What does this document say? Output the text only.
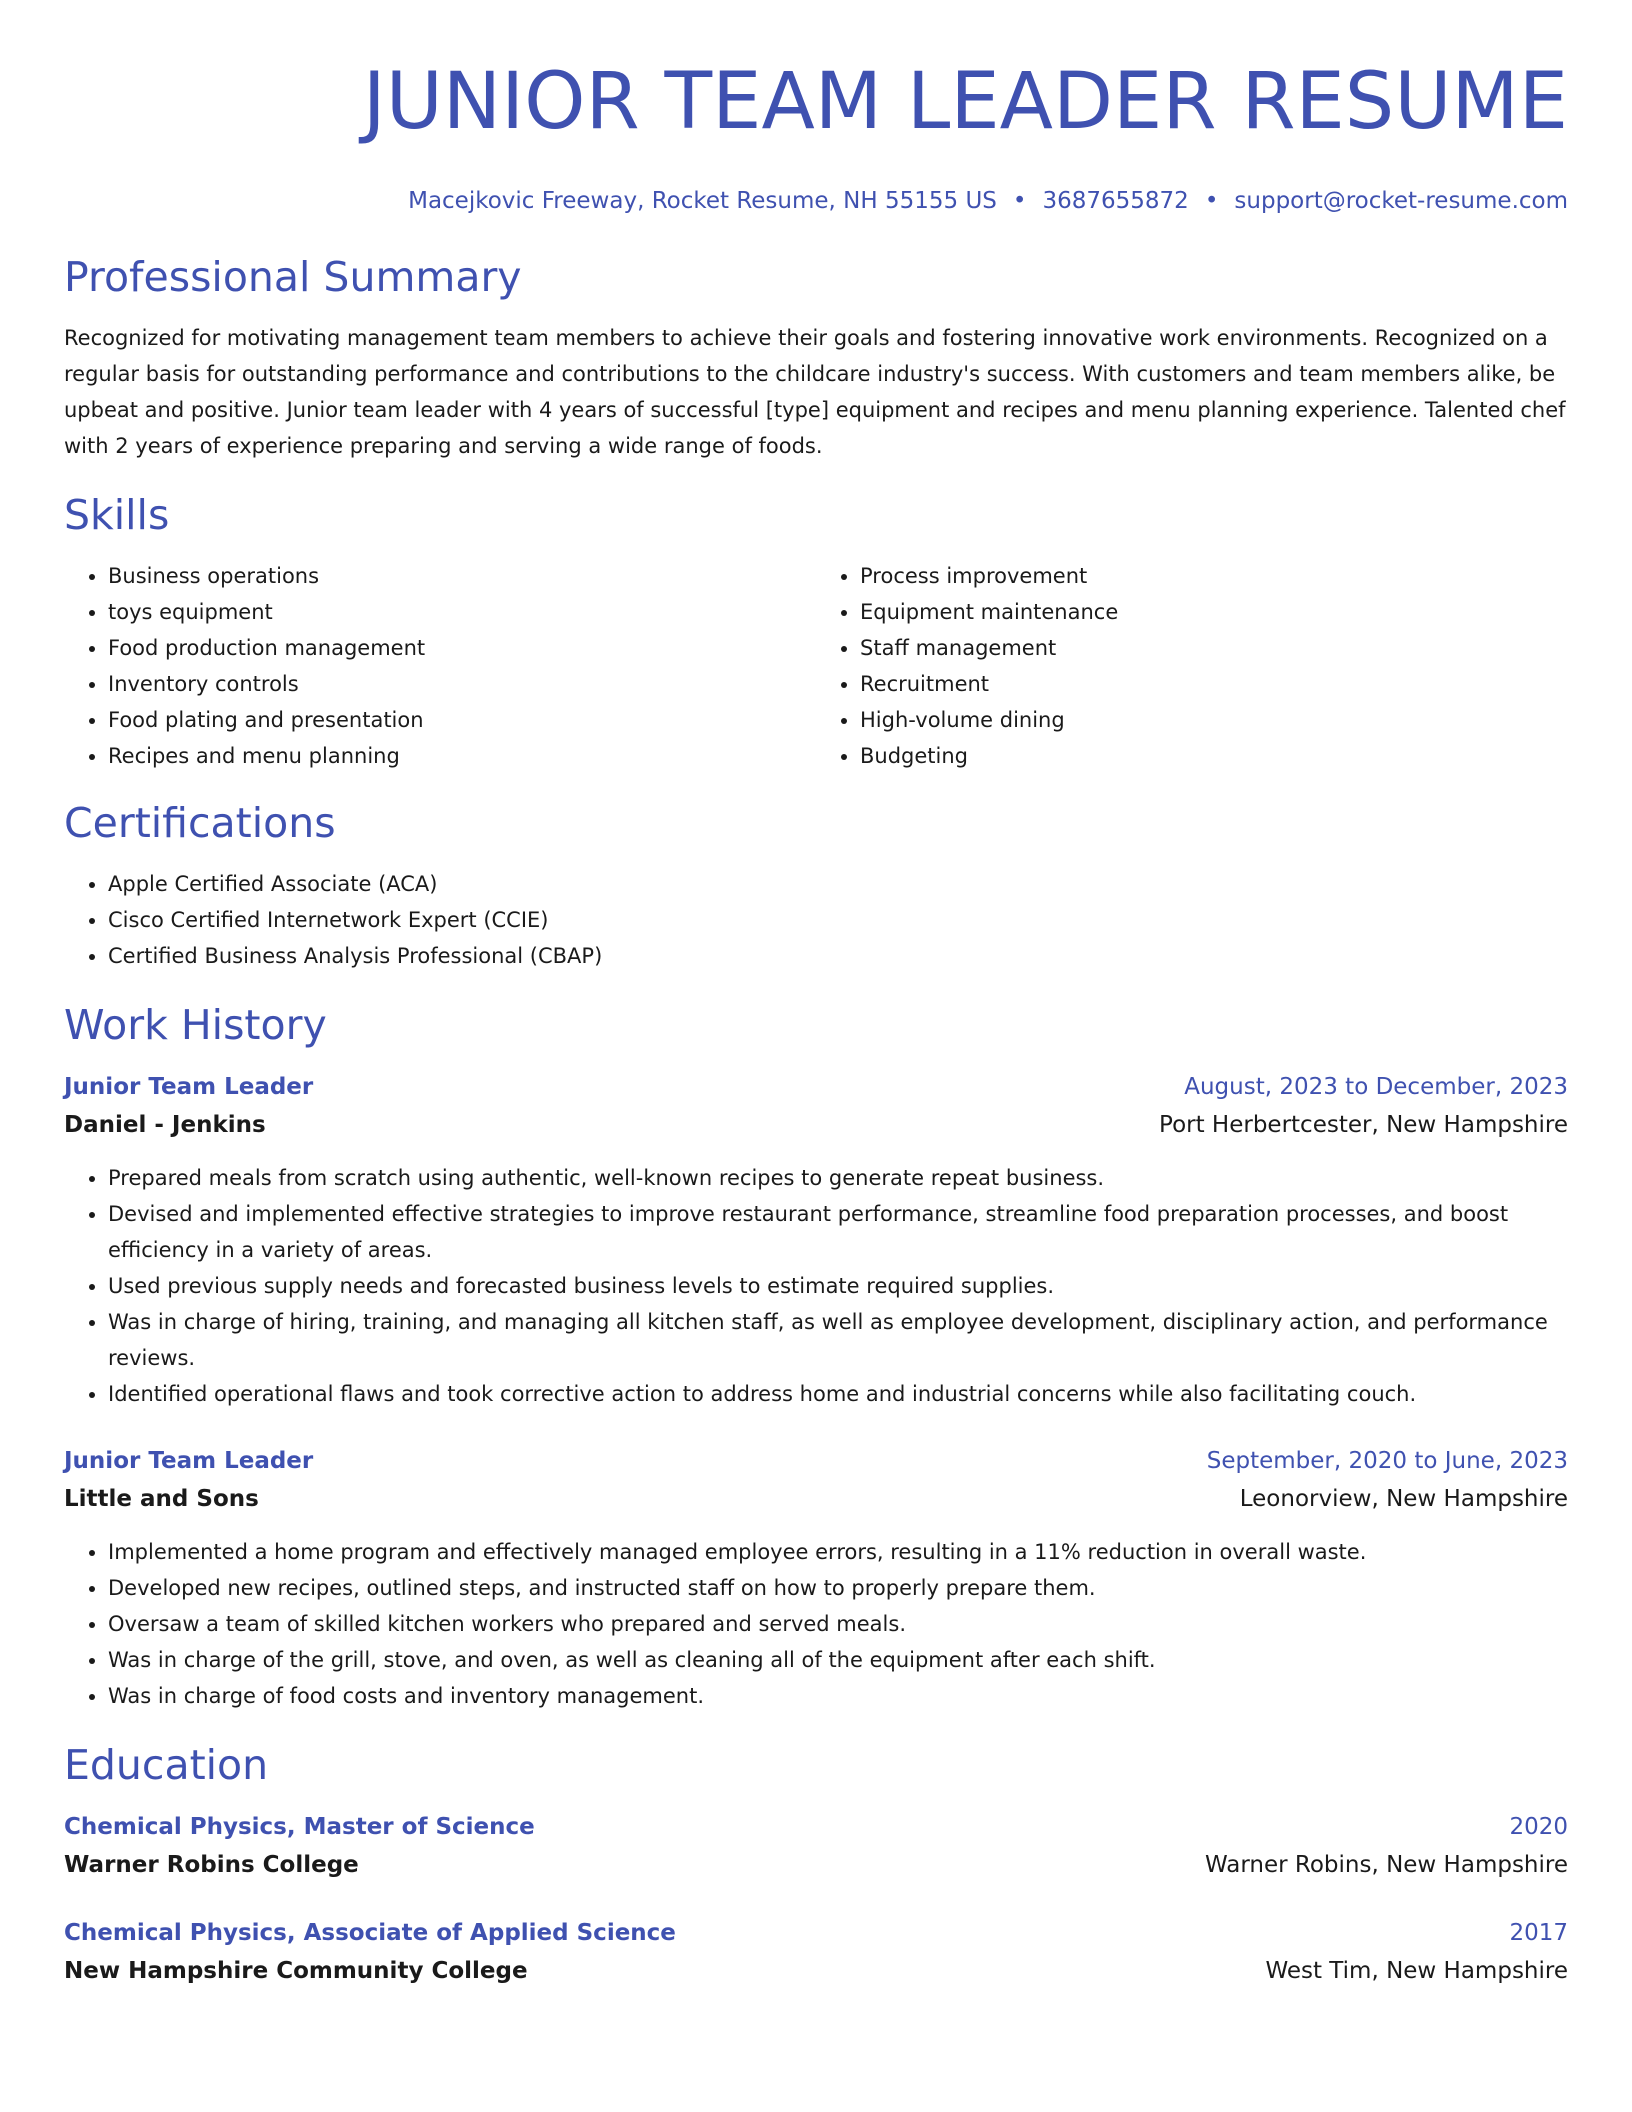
JUNIOR TEAM LEADER RESUME
Macejkovic Freeway, Rocket Resume, NH 55155 US • 3687655872 • support@rocket-resume.com
Professional Summary

Recognized for motivating management team members to achieve their goals and fostering innovative work environments. Recognized on a regular basis for outstanding performance and contributions to the childcare industry's success. With customers and team members alike, be upbeat and positive. Junior team leader with 4 years of successful [type] equipment and recipes and menu planning experience. Talented chef with 2 years of experience preparing and serving a wide range of foods.

Skills
• Business operations
• toys equipment
• Food production management
• Inventory controls
• Food plating and presentation
• Recipes and menu planning
• Process improvement
• Equipment maintenance
• Staff management
• Recruitment
• High-volume dining
• Budgeting
Certifications
• Apple Certified Associate (ACA)
• Cisco Certified Internetwork Expert (CCIE)
• Certified Business Analysis Professional (CBAP)
Work History
Junior Team Leader	August, 2023 to December, 2023
Daniel - Jenkins	Port Herbertcester, New Hampshire
• Prepared meals from scratch using authentic, well-known recipes to generate repeat business.
• Devised and implemented effective strategies to improve restaurant performance, streamline food preparation processes, and boost efficiency in a variety of areas.
• Used previous supply needs and forecasted business levels to estimate required supplies.
• Was in charge of hiring, training, and managing all kitchen staff, as well as employee development, disciplinary action, and performance reviews.
• Identified operational flaws and took corrective action to address home and industrial concerns while also facilitating couch.
Junior Team Leader	September, 2020 to June, 2023
Little and Sons	Leonorview, New Hampshire
• Implemented a home program and effectively managed employee errors, resulting in a 11% reduction in overall waste.
• Developed new recipes, outlined steps, and instructed staff on how to properly prepare them.
• Oversaw a team of skilled kitchen workers who prepared and served meals.
• Was in charge of the grill, stove, and oven, as well as cleaning all of the equipment after each shift.
• Was in charge of food costs and inventory management.
Education
Chemical Physics, Master of Science	2020
Warner Robins College	Warner Robins, New Hampshire
Chemical Physics, Associate of Applied Science	2017
New Hampshire Community College	West Tim, New Hampshire
